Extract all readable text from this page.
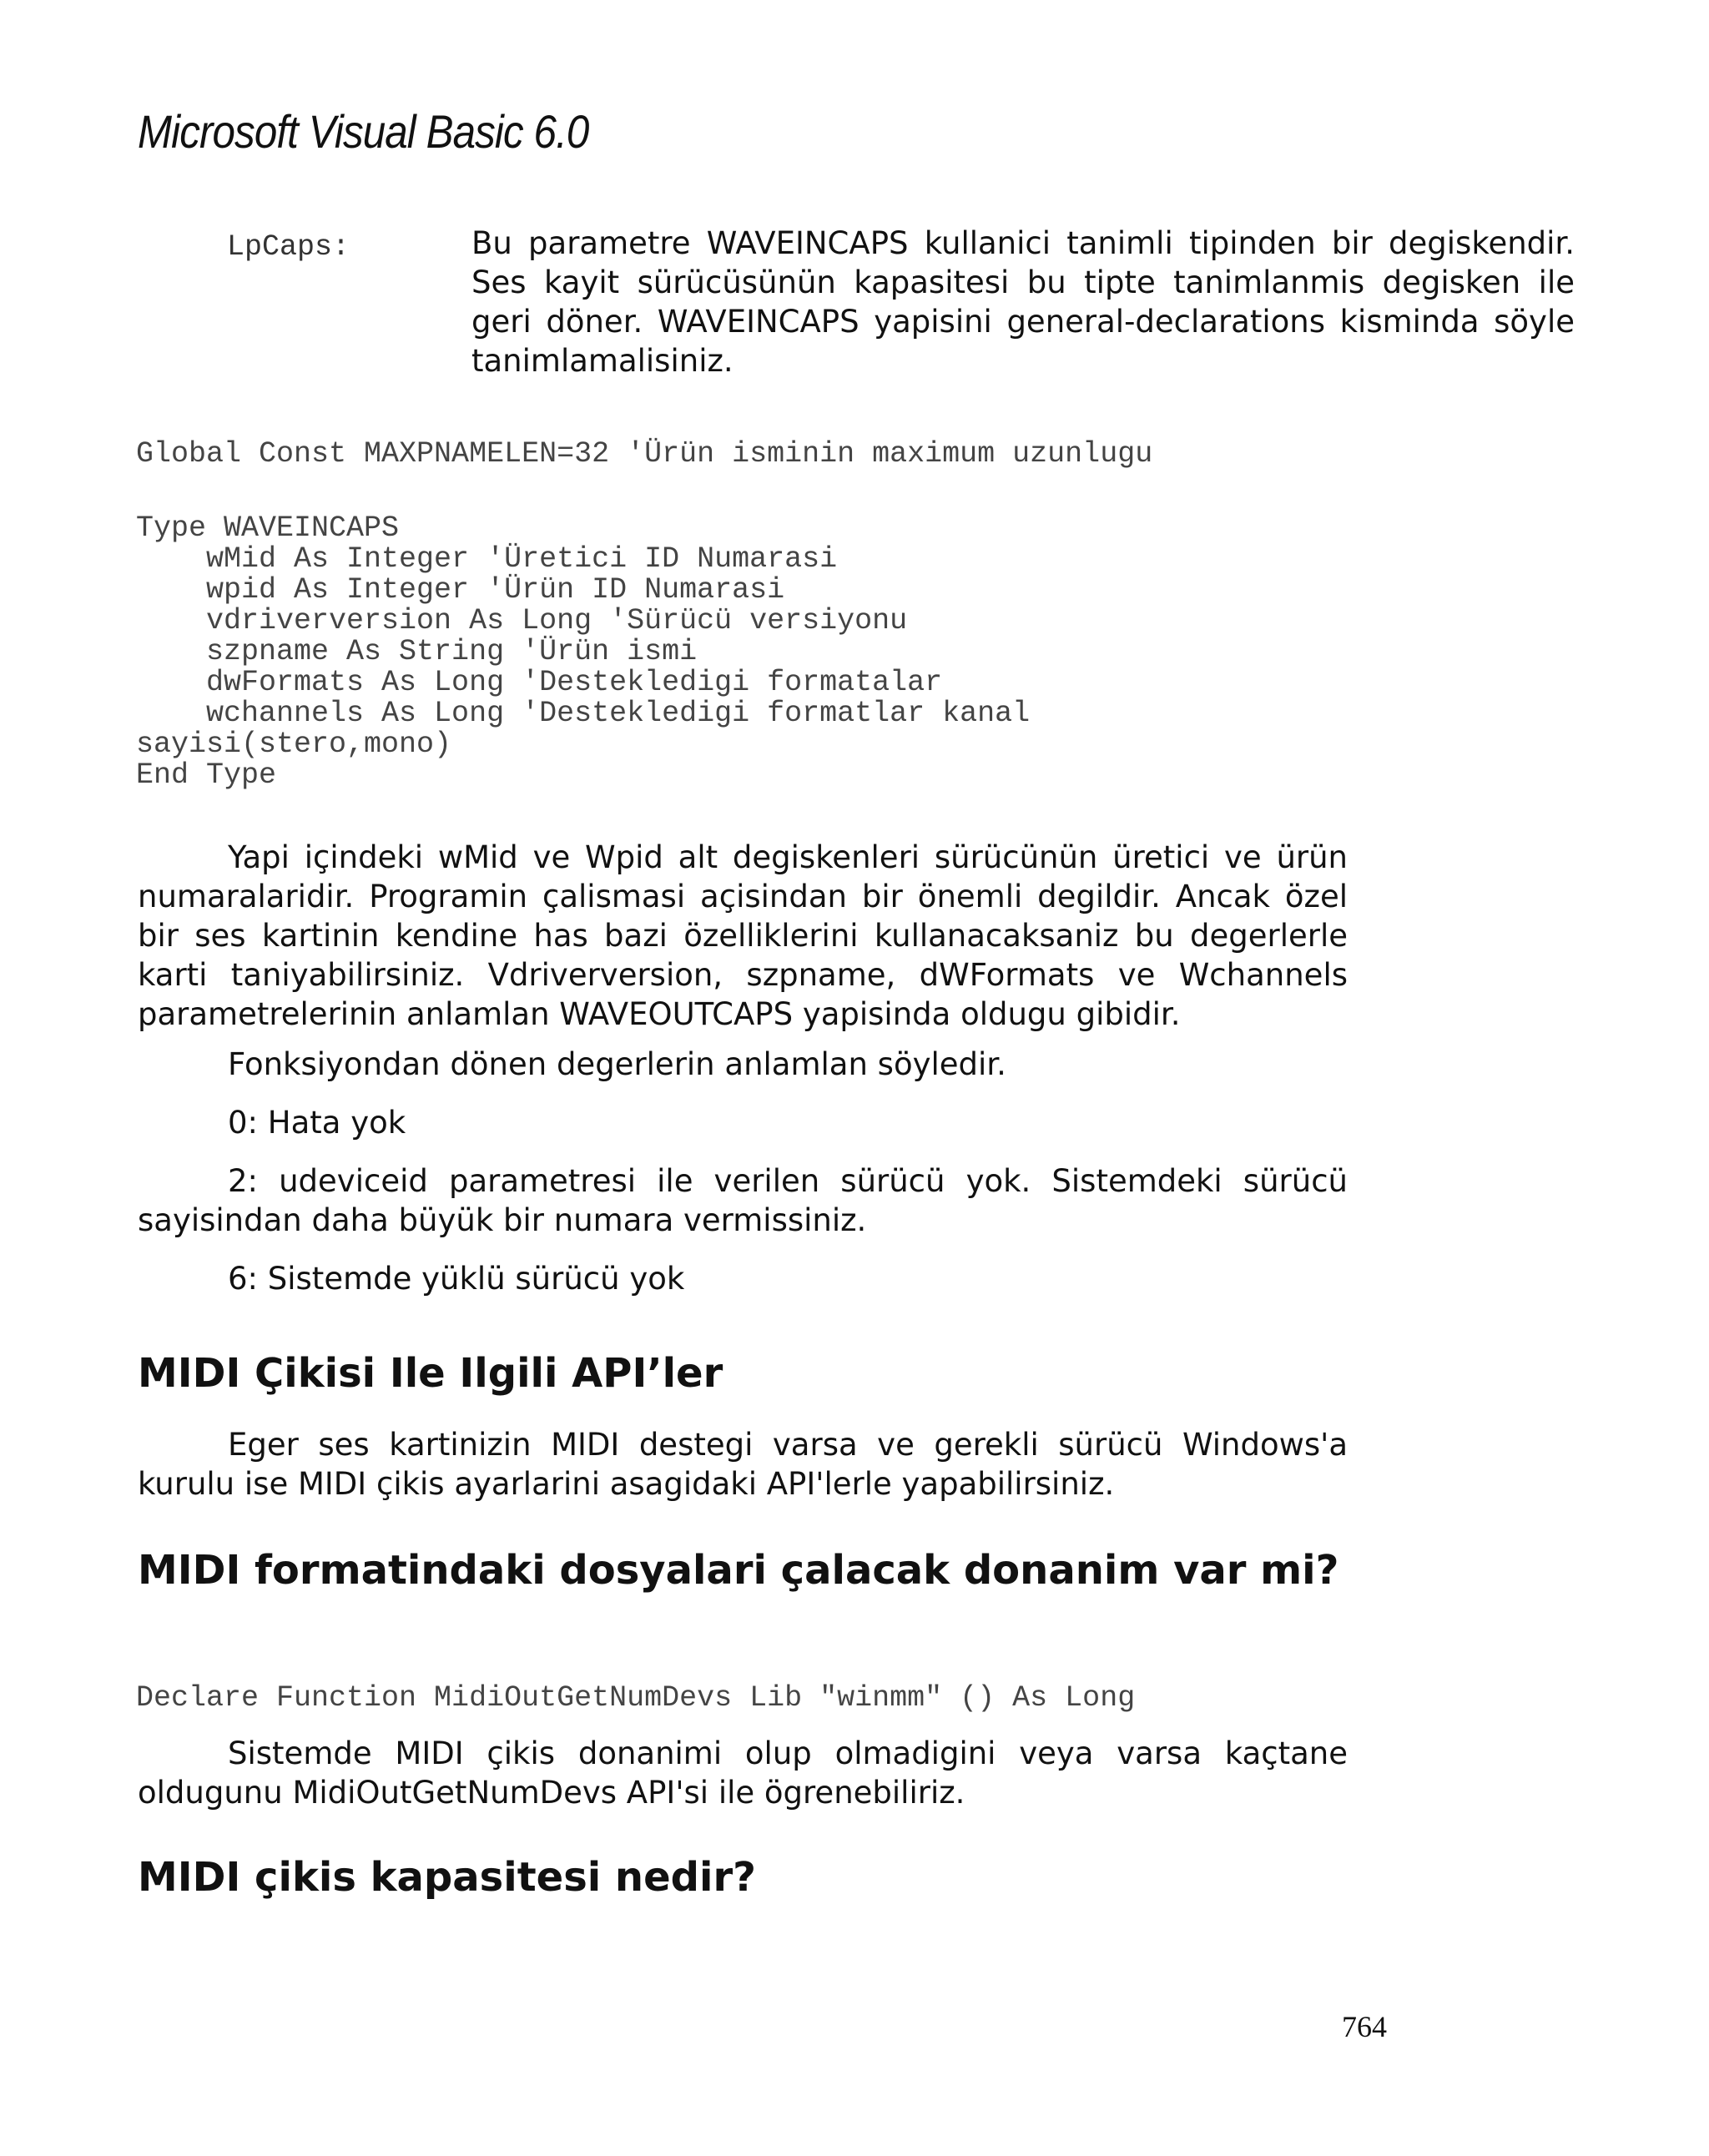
Microsoft Visual Basic 6.0
LpCaps:	Bu parametre WAVEINCAPS kullanici tanimli tipinden bir degiskendir. Ses kayit sürücüsünün kapasitesi bu tipte tanimlanmis degisken ile geri döner. WAVEINCAPS yapisini general-declarations kisminda söyle tanimlamalisiniz.
Global Const MAXPNAMELEN=32 'Ürün isminin maximum uzunlugu
Type WAVEINCAPS
wMid As Integer 'Üretici ID Numarasi
wpid As Integer 'Ürün ID Numarasi
vdriverversion As Long 'Sürücü versiyonu
szpname As String 'Ürün ismi
dwFormats As Long 'Destekledigi formatalar
wchannels As Long 'Destekledigi formatlar kanal
sayisi(stero,mono)
End Type

Yapi içindeki wMid ve Wpid alt degiskenleri sürücünün üretici ve ürün numaralaridir. Programin çalismasi açisindan bir önemli degildir. Ancak özel bir ses kartinin kendine has bazi özelliklerini kullanacaksaniz bu degerlerle karti taniyabilirsiniz. Vdriverversion, szpname, dWFormats ve Wchannels parametrelerinin anlamlan WAVEOUTCAPS yapisinda oldugu gibidir.

Fonksiyondan dönen degerlerin anlamlan söyledir.

0: Hata yok

2: udeviceid parametresi ile verilen sürücü yok. Sistemdeki sürücü sayisindan daha büyük bir numara vermissiniz.

6: Sistemde yüklü sürücü yok

MIDI Çikisi Ile Ilgili API’ler

Eger ses kartinizin MIDI destegi varsa ve gerekli sürücü Windows'a kurulu ise MIDI çikis ayarlarini asagidaki API'lerle yapabilirsiniz.

MIDI formatindaki dosyalari çalacak donanim var mi?
Declare Function MidiOutGetNumDevs Lib "winmm" () As Long

Sistemde MIDI çikis donanimi olup olmadigini veya varsa kaçtane oldugunu MidiOutGetNumDevs API'si ile ögrenebiliriz.

MIDI çikis kapasitesi nedir?
764
